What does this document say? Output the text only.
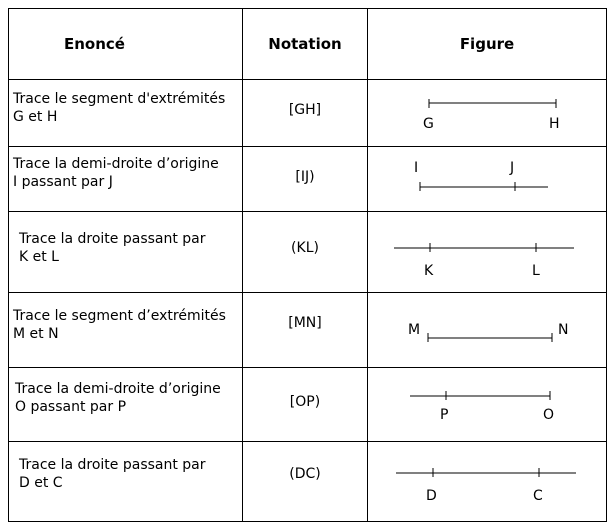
Enoncé	Notation	Figure

Trace le segment d'extrémités
G et H	[GH]	G H

Trace la demi-droite d’origine
I passant par J	[IJ)	I J

Trace la droite passant par
K et L	(KL)	K L

Trace le segment d’extrémités
M et N	[MN]	M N

Trace la demi-droite d’origine
O passant par P	[OP)	P O

Trace la droite passant par
D et C	(DC)	D C
